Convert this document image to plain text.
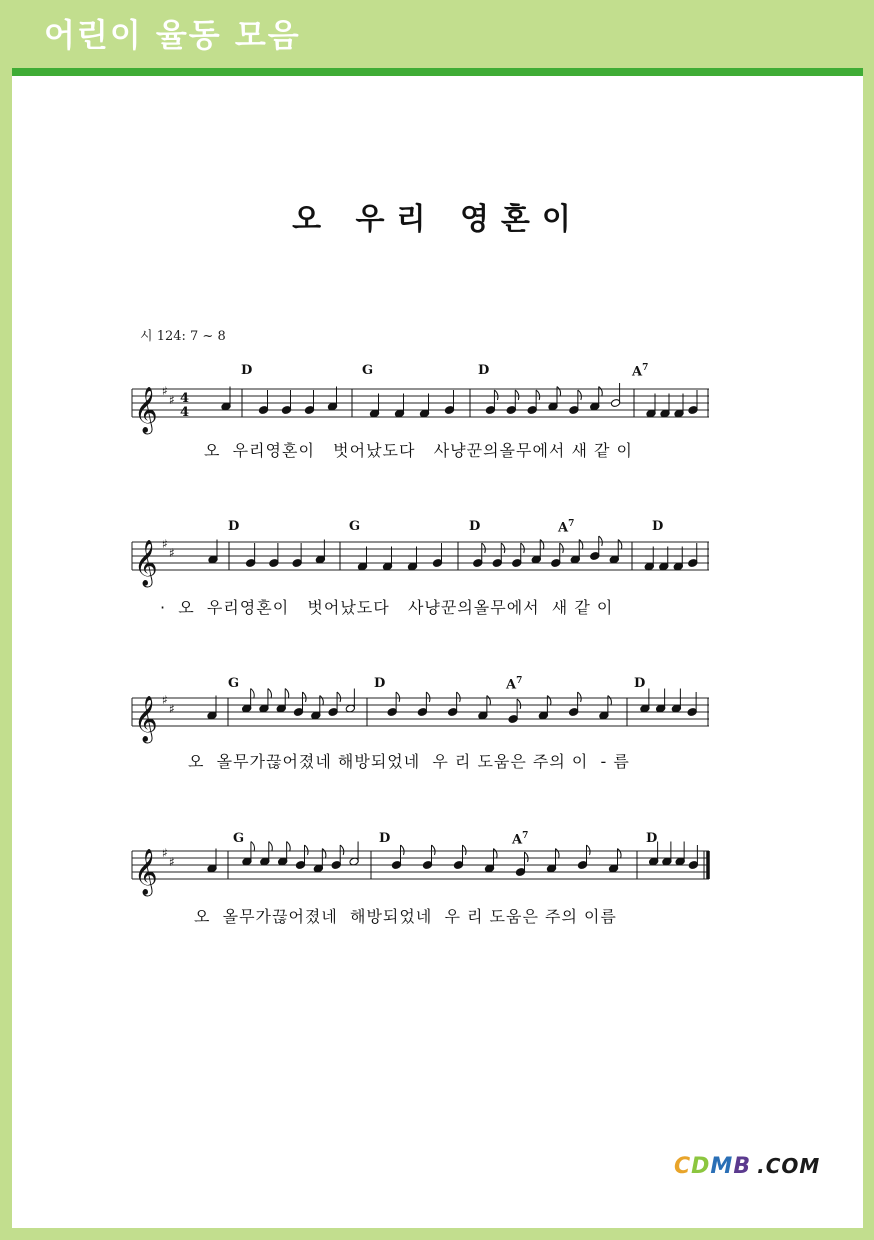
어린이 율동 모음
오 우리 영혼이
시 124: 7 ~ 8
𝄞 ♯
♯ 4
4
𝄞 ♯
♯
𝄞 ♯
♯
𝄞 ♯
♯
D	G	D	$A^7$
오  우리영혼이   벗어났도다   사냥꾼의올무에서 새 같 이
D	G	D	$A^7$	D
·  오  우리영혼이   벗어났도다   사냥꾼의올무에서  새 같 이
G	D	$A^7$	D
오  올무가끊어졌네 해방되었네  우 리 도움은 주의 이  - 름
G	D	$A^7$	D
오  올무가끊어졌네  해방되었네  우 리 도움은 주의 이름
CDMB .COM
